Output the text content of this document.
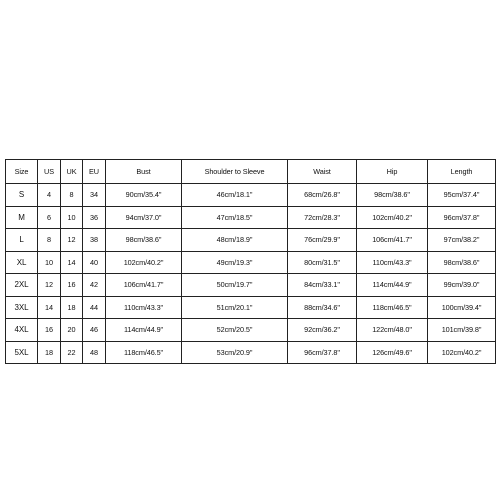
Size	US	UK	EU	Bust	Shoulder to Sleeve	Waist	Hip	Length
S	4	8	34	90cm/35.4"	46cm/18.1"	68cm/26.8"	98cm/38.6"	95cm/37.4"
M	6	10	36	94cm/37.0"	47cm/18.5"	72cm/28.3"	102cm/40.2"	96cm/37.8"
L	8	12	38	98cm/38.6"	48cm/18.9"	76cm/29.9"	106cm/41.7"	97cm/38.2"
XL	10	14	40	102cm/40.2"	49cm/19.3"	80cm/31.5"	110cm/43.3"	98cm/38.6"
2XL	12	16	42	106cm/41.7"	50cm/19.7"	84cm/33.1"	114cm/44.9"	99cm/39.0"
3XL	14	18	44	110cm/43.3"	51cm/20.1"	88cm/34.6"	118cm/46.5"	100cm/39.4"
4XL	16	20	46	114cm/44.9"	52cm/20.5"	92cm/36.2"	122cm/48.0"	101cm/39.8"
5XL	18	22	48	118cm/46.5"	53cm/20.9"	96cm/37.8"	126cm/49.6"	102cm/40.2"
